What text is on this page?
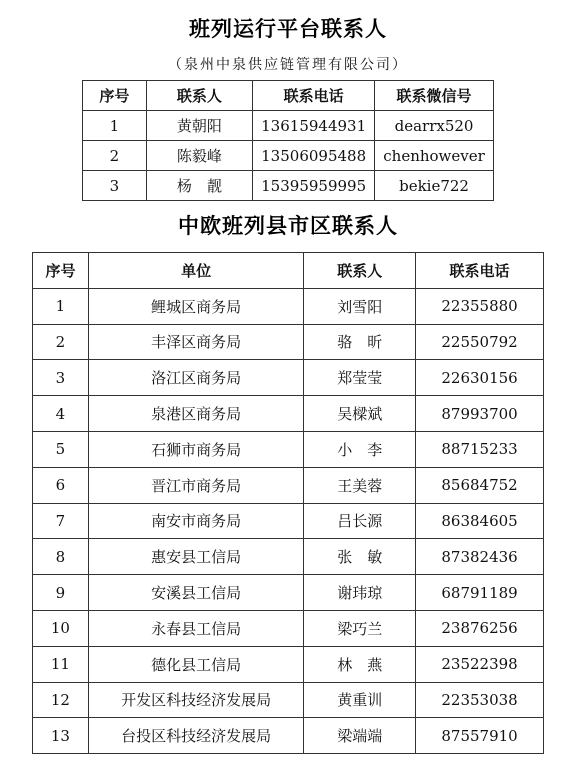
班列运行平台联系人
（泉州中泉供应链管理有限公司）
序号	联系人	联系电话	联系微信号
1	黄朝阳	13615944931	dearrx520
2	陈毅峰	13506095488	chenhowever
3	杨　靓	15395959995	bekie722
中欧班列县市区联系人
序号	单位	联系人	联系电话
1	鲤城区商务局	刘雪阳	22355880
2	丰泽区商务局	骆　昕	22550792
3	洛江区商务局	郑莹莹	22630156
4	泉港区商务局	吴樑斌	87993700
5	石狮市商务局	小　李	88715233
6	晋江市商务局	王美蓉	85684752
7	南安市商务局	吕长源	86384605
8	惠安县工信局	张　敏	87382436
9	安溪县工信局	谢玮琼	68791189
10	永春县工信局	梁巧兰	23876256
11	德化县工信局	林　燕	23522398
12	开发区科技经济发展局	黄重训	22353038
13	台投区科技经济发展局	梁端端	87557910
